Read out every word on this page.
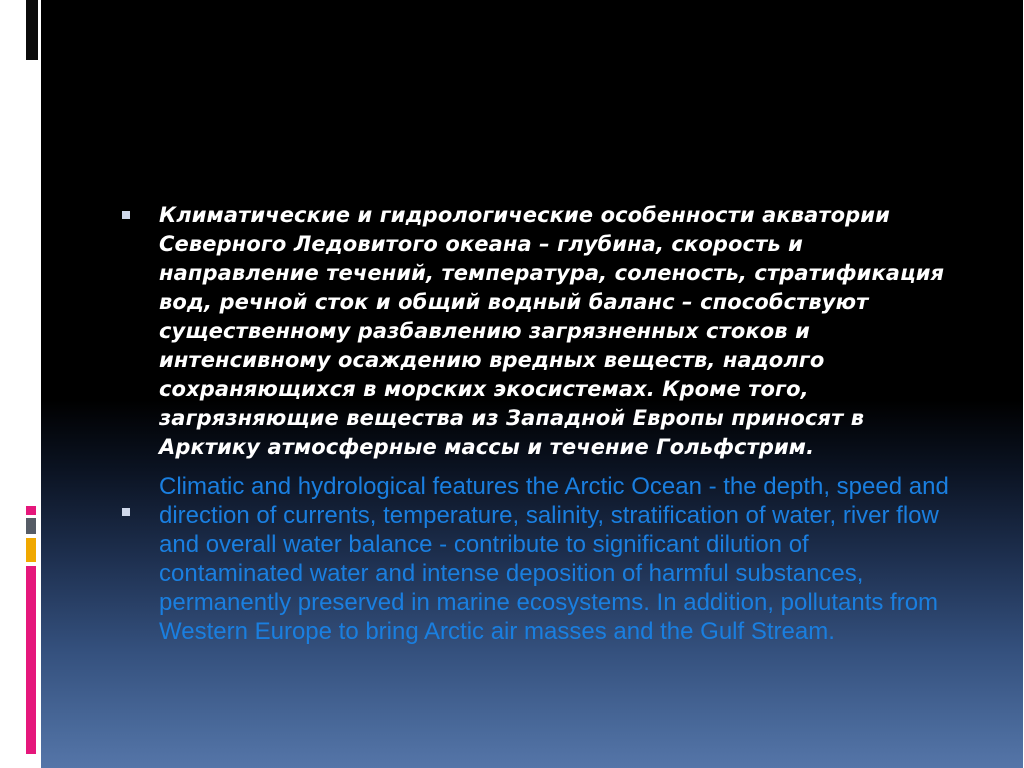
Климатические и гидрологические особенности акватории Северного Ледовитого океана – глубина, скорость и направление течений, температура, соленость, стратификация вод, речной сток и общий водный баланс – способствуют существенному разбавлению загрязненных стоков и интенсивному осаждению вредных веществ, надолго сохраняющихся в морских экосистемах. Кроме того, загрязняющие вещества из Западной Европы приносят в Арктику атмосферные массы и течение Гольфстрим.

Climatic and hydrological features the Arctic Ocean - the depth, speed and direction of currents, temperature, salinity, stratification of water, river flow and overall water balance - contribute to significant dilution of contaminated water and intense deposition of harmful substances, permanently preserved in marine ecosystems. In addition, pollutants from Western Europe to bring Arctic air masses and the Gulf Stream.
